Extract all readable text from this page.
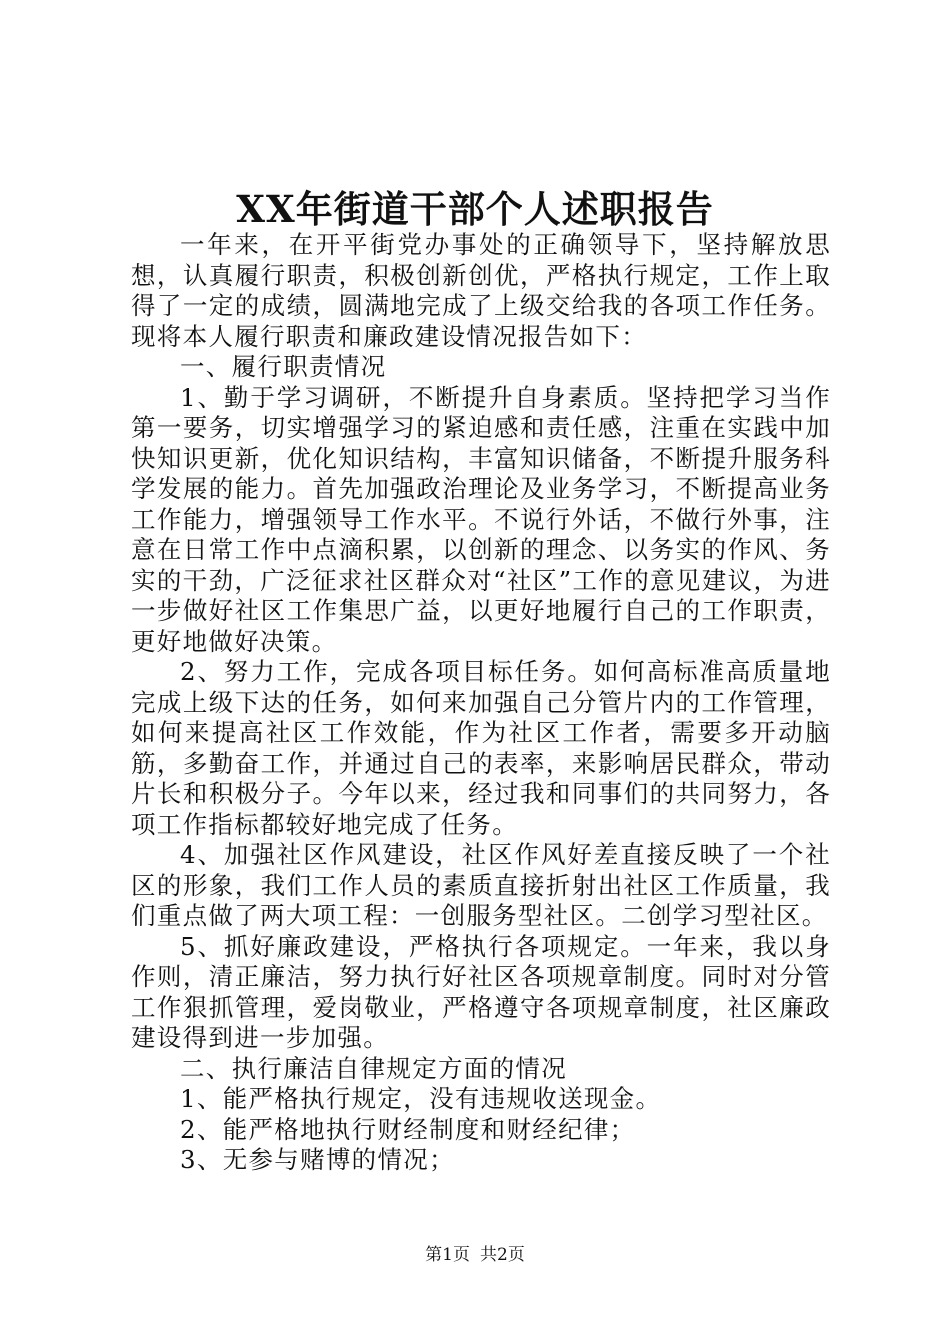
XX年街道干部个人述职报告

一年来，在开平街党办事处的正确领导下，坚持解放思想，认真履行职责，积极创新创优，严格执行规定，工作上取得了一定的成绩，圆满地完成了上级交给我的各项工作任务。现将本人履行职责和廉政建设情况报告如下：

一、履行职责情况

1、勤于学习调研，不断提升自身素质。坚持把学习当作第一要务，切实增强学习的紧迫感和责任感，注重在实践中加快知识更新，优化知识结构，丰富知识储备，不断提升服务科学发展的能力。首先加强政治理论及业务学习，不断提高业务工作能力，增强领导工作水平。不说行外话，不做行外事，注意在日常工作中点滴积累，以创新的理念、以务实的作风、务实的干劲，广泛征求社区群众对“社区”工作的意见建议，为进一步做好社区工作集思广益，以更好地履行自己的工作职责，更好地做好决策。

2、努力工作，完成各项目标任务。如何高标准高质量地完成上级下达的任务，如何来加强自己分管片内的工作管理，如何来提高社区工作效能，作为社区工作者，需要多开动脑筋，多勤奋工作，并通过自己的表率，来影响居民群众，带动片长和积极分子。今年以来，经过我和同事们的共同努力，各项工作指标都较好地完成了任务。

4、加强社区作风建设，社区作风好差直接反映了一个社区的形象，我们工作人员的素质直接折射出社区工作质量，我们重点做了两大项工程：一创服务型社区。二创学习型社区。

5、抓好廉政建设，严格执行各项规定。一年来，我以身作则，清正廉洁，努力执行好社区各项规章制度。同时对分管工作狠抓管理，爱岗敬业，严格遵守各项规章制度，社区廉政建设得到进一步加强。

二、执行廉洁自律规定方面的情况

1、能严格执行规定，没有违规收送现金。

2、能严格地执行财经制度和财经纪律；

3、无参与赌博的情况；

第1页 共2页
